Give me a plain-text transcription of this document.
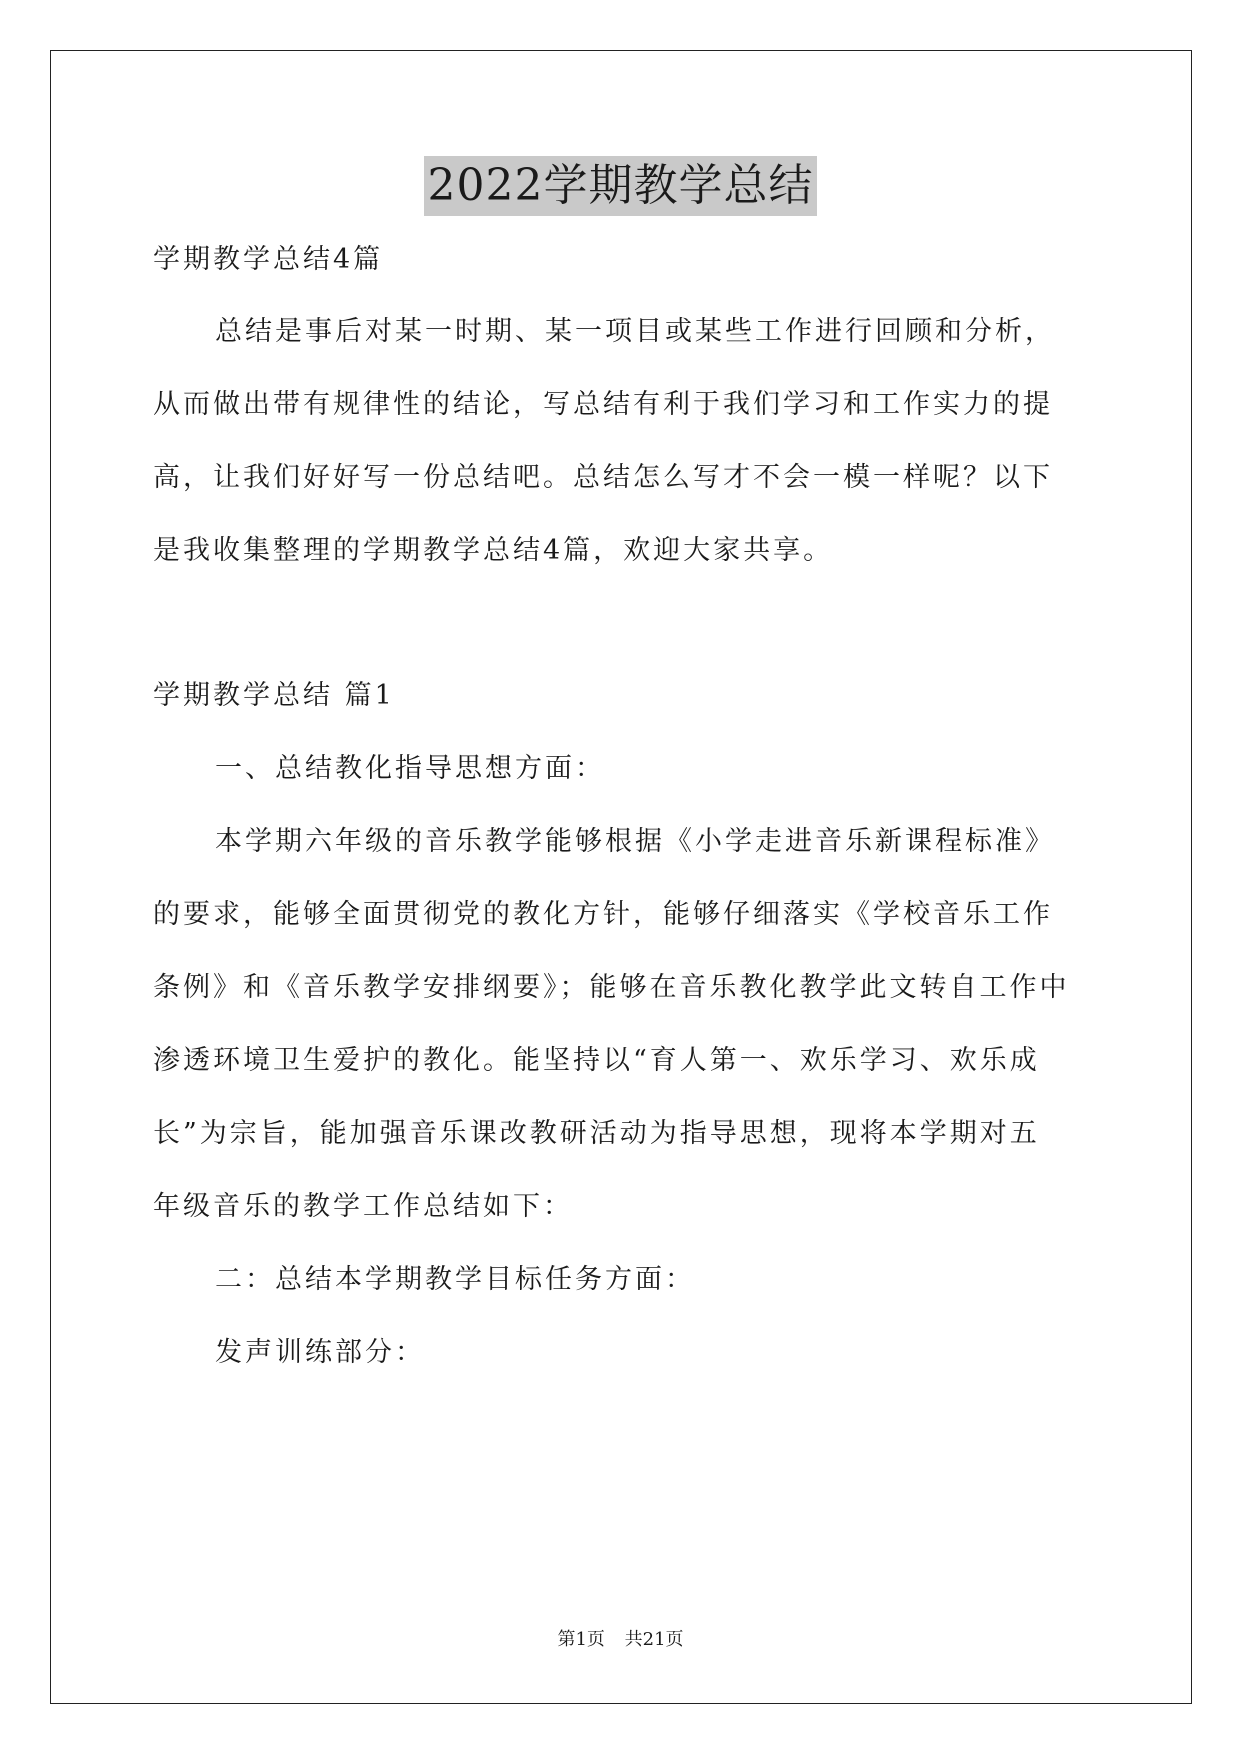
2022学期教学总结
学期教学总结4篇
总结是事后对某一时期、某一项目或某些工作进行回顾和分析，
从而做出带有规律性的结论，写总结有利于我们学习和工作实力的提
高，让我们好好写一份总结吧。总结怎么写才不会一模一样呢？以下
是我收集整理的学期教学总结4篇，欢迎大家共享。
学期教学总结 篇1
一、总结教化指导思想方面：
本学期六年级的音乐教学能够根据《小学走进音乐新课程标准》
的要求，能够全面贯彻党的教化方针，能够仔细落实《学校音乐工作
条例》和《音乐教学安排纲要》；能够在音乐教化教学此文转自工作中
渗透环境卫生爱护的教化。能坚持以“育人第一、欢乐学习、欢乐成
长”为宗旨，能加强音乐课改教研活动为指导思想，现将本学期对五
年级音乐的教学工作总结如下：
二：总结本学期教学目标任务方面：
发声训练部分：
第1页 共21页
